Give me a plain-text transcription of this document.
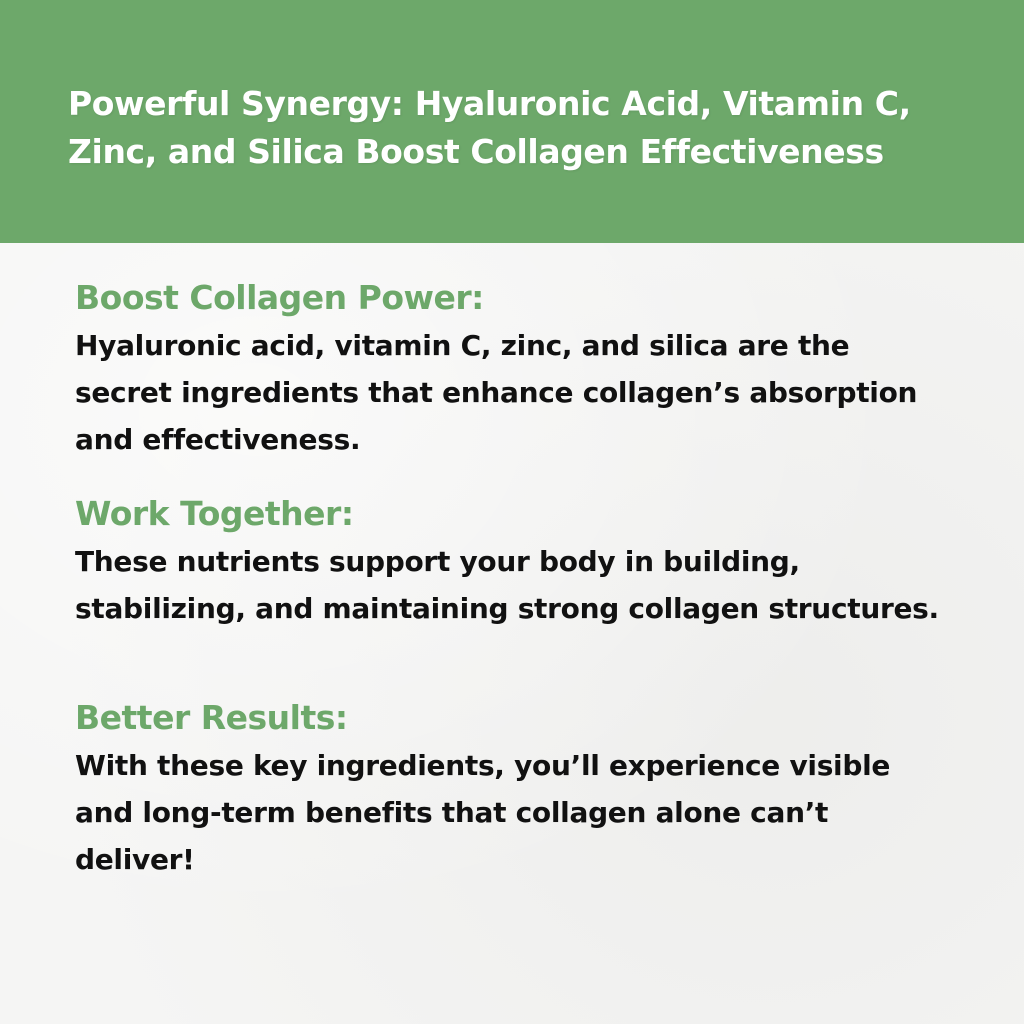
Powerful Synergy: Hyaluronic Acid, Vitamin C, Zinc, and Silica Boost Collagen Effectiveness
Boost Collagen Power:

Hyaluronic acid, vitamin C, zinc, and silica are the secret ingredients that enhance collagen’s absorption and effectiveness.

Work Together:

These nutrients support your body in building, stabilizing, and maintaining strong collagen structures.

Better Results:

With these key ingredients, you’ll experience visible and long-term benefits that collagen alone can’t deliver!
